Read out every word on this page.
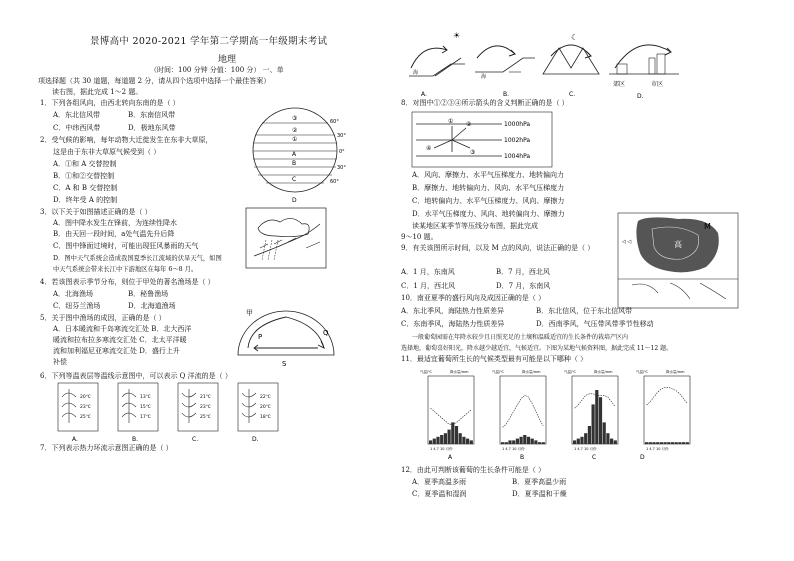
景博高中 2020-2021 学年第二学期高一年级期末考试
地理
（时间：100 分钟 分值：100 分） 一、单
项选择题（共 30 道题，每道题 2 分，请从四个选项中选择一个最佳答案）
读右图，据此完成 1～2 题。
1．下列各组风向，由西北转向东南的是（ ）
A．东北信风带	B．东南信风带
C．中纬西风带	D．极地东风带
2．受气候的影响，每年动物大迁徙发生在东非大草原，
这是由于东非大草原气候受到（ ）
A．①和 A 交替控制
B．①和②交替控制
C．A 和 B 交替控制
D．终年受 A 的控制
③
②
①
A
B
C
D
60°
30°
0°
30°
60°
3．以下关于如图描述正确的是（ ）
A．图中降水发生在锋前，为连续性降水
B．由天回一段时间，a处气温先升后降
C．图中锋面过境时，可能出现狂风暴雨的天气
D．图中天气系统会造成我国夏季长江流域的伏旱天气，如图
中天气系统会带来长江中下游地区在每年 6～8 月。
4．若该图表示季节分布，则位于甲处的著名渔场是（ ）
A．北海渔场	B．秘鲁渔场
C．纽芬兰渔场	D．北海道渔场
5．关于图中渔场的成因，正确的是（ ）
A．日本暖流和千岛寒流交汇处 B．北大西洋
暖流和拉布拉多寒流交汇处 C．北太平洋暖
流和加利福尼亚寒流交汇处 D．盛行上升
补偿
甲
P	Q
S
6．下列等温表层等温线示意图中，可以表示 Q 洋流的是（ ）
20℃
23℃
25℃
A.
13℃
15℃
17℃
B.
21℃
23℃
25℃
C.
22℃
20℃
18℃
D.
7．下列表示热力环流示意图正确的是（ ）
☀
海
A.
海
B.
☾
C.
郊区	市区
D.
8．对图中①②③④所示箭头的含义判断正确的是（ ）
1000hPa
1002hPa
1004hPa
① ②
④
③
A．风向、摩擦力、水平气压梯度力、地转偏向力
B．摩擦力、地转偏向力、风向、水平气压梯度力
C．地转偏向力、水平气压梯度力、风向、摩擦力
D．水平气压梯度力、风向、地转偏向力、摩擦力
读某地区某季节等压线分布图，据此完成
9～10 题。
高
M
◁ ◁
9．有关该图所示时间，以及 M 点的风向，说法正确的是（ ）
A．1 月，东南风	B．7 月，西北风
C．1 月，西北风	D．7 月，东南风
10．南亚夏季的盛行风向及成因正确的是（ ）
A．东北季风，海陆热力性质差异	B．东北信风，位于东北信风带
C．东南季风，海陆热力性质差异	D．西南季风，气压带风带季节性移动
一般葡萄园需在年降水较少且日照充足的土壤和温暖适宜的生长条件的栽培产区内
选择地，葡萄喜好阳光，降水越少越适宜，气候适宜。下图为某地气候资料图，据此完成 11～12 题。
11．最适宜葡萄所生长的气候类型最有可能是以下哪种（ ）
气温/℃	降水量/mm
1 4 7 10 月份
A
气温/℃	降水量/mm
1 4 7 10 月份
B
气温/℃	降水量/mm
1 4 7 10 月份
C
气温/℃	降水量/mm
1 4 7 10 月份
D
12．由此可判断该葡萄的生长条件可能是（ ）
A．夏季高温多雨	B．夏季高温少雨
C．夏季温和湿润	D．夏季温和干燥
